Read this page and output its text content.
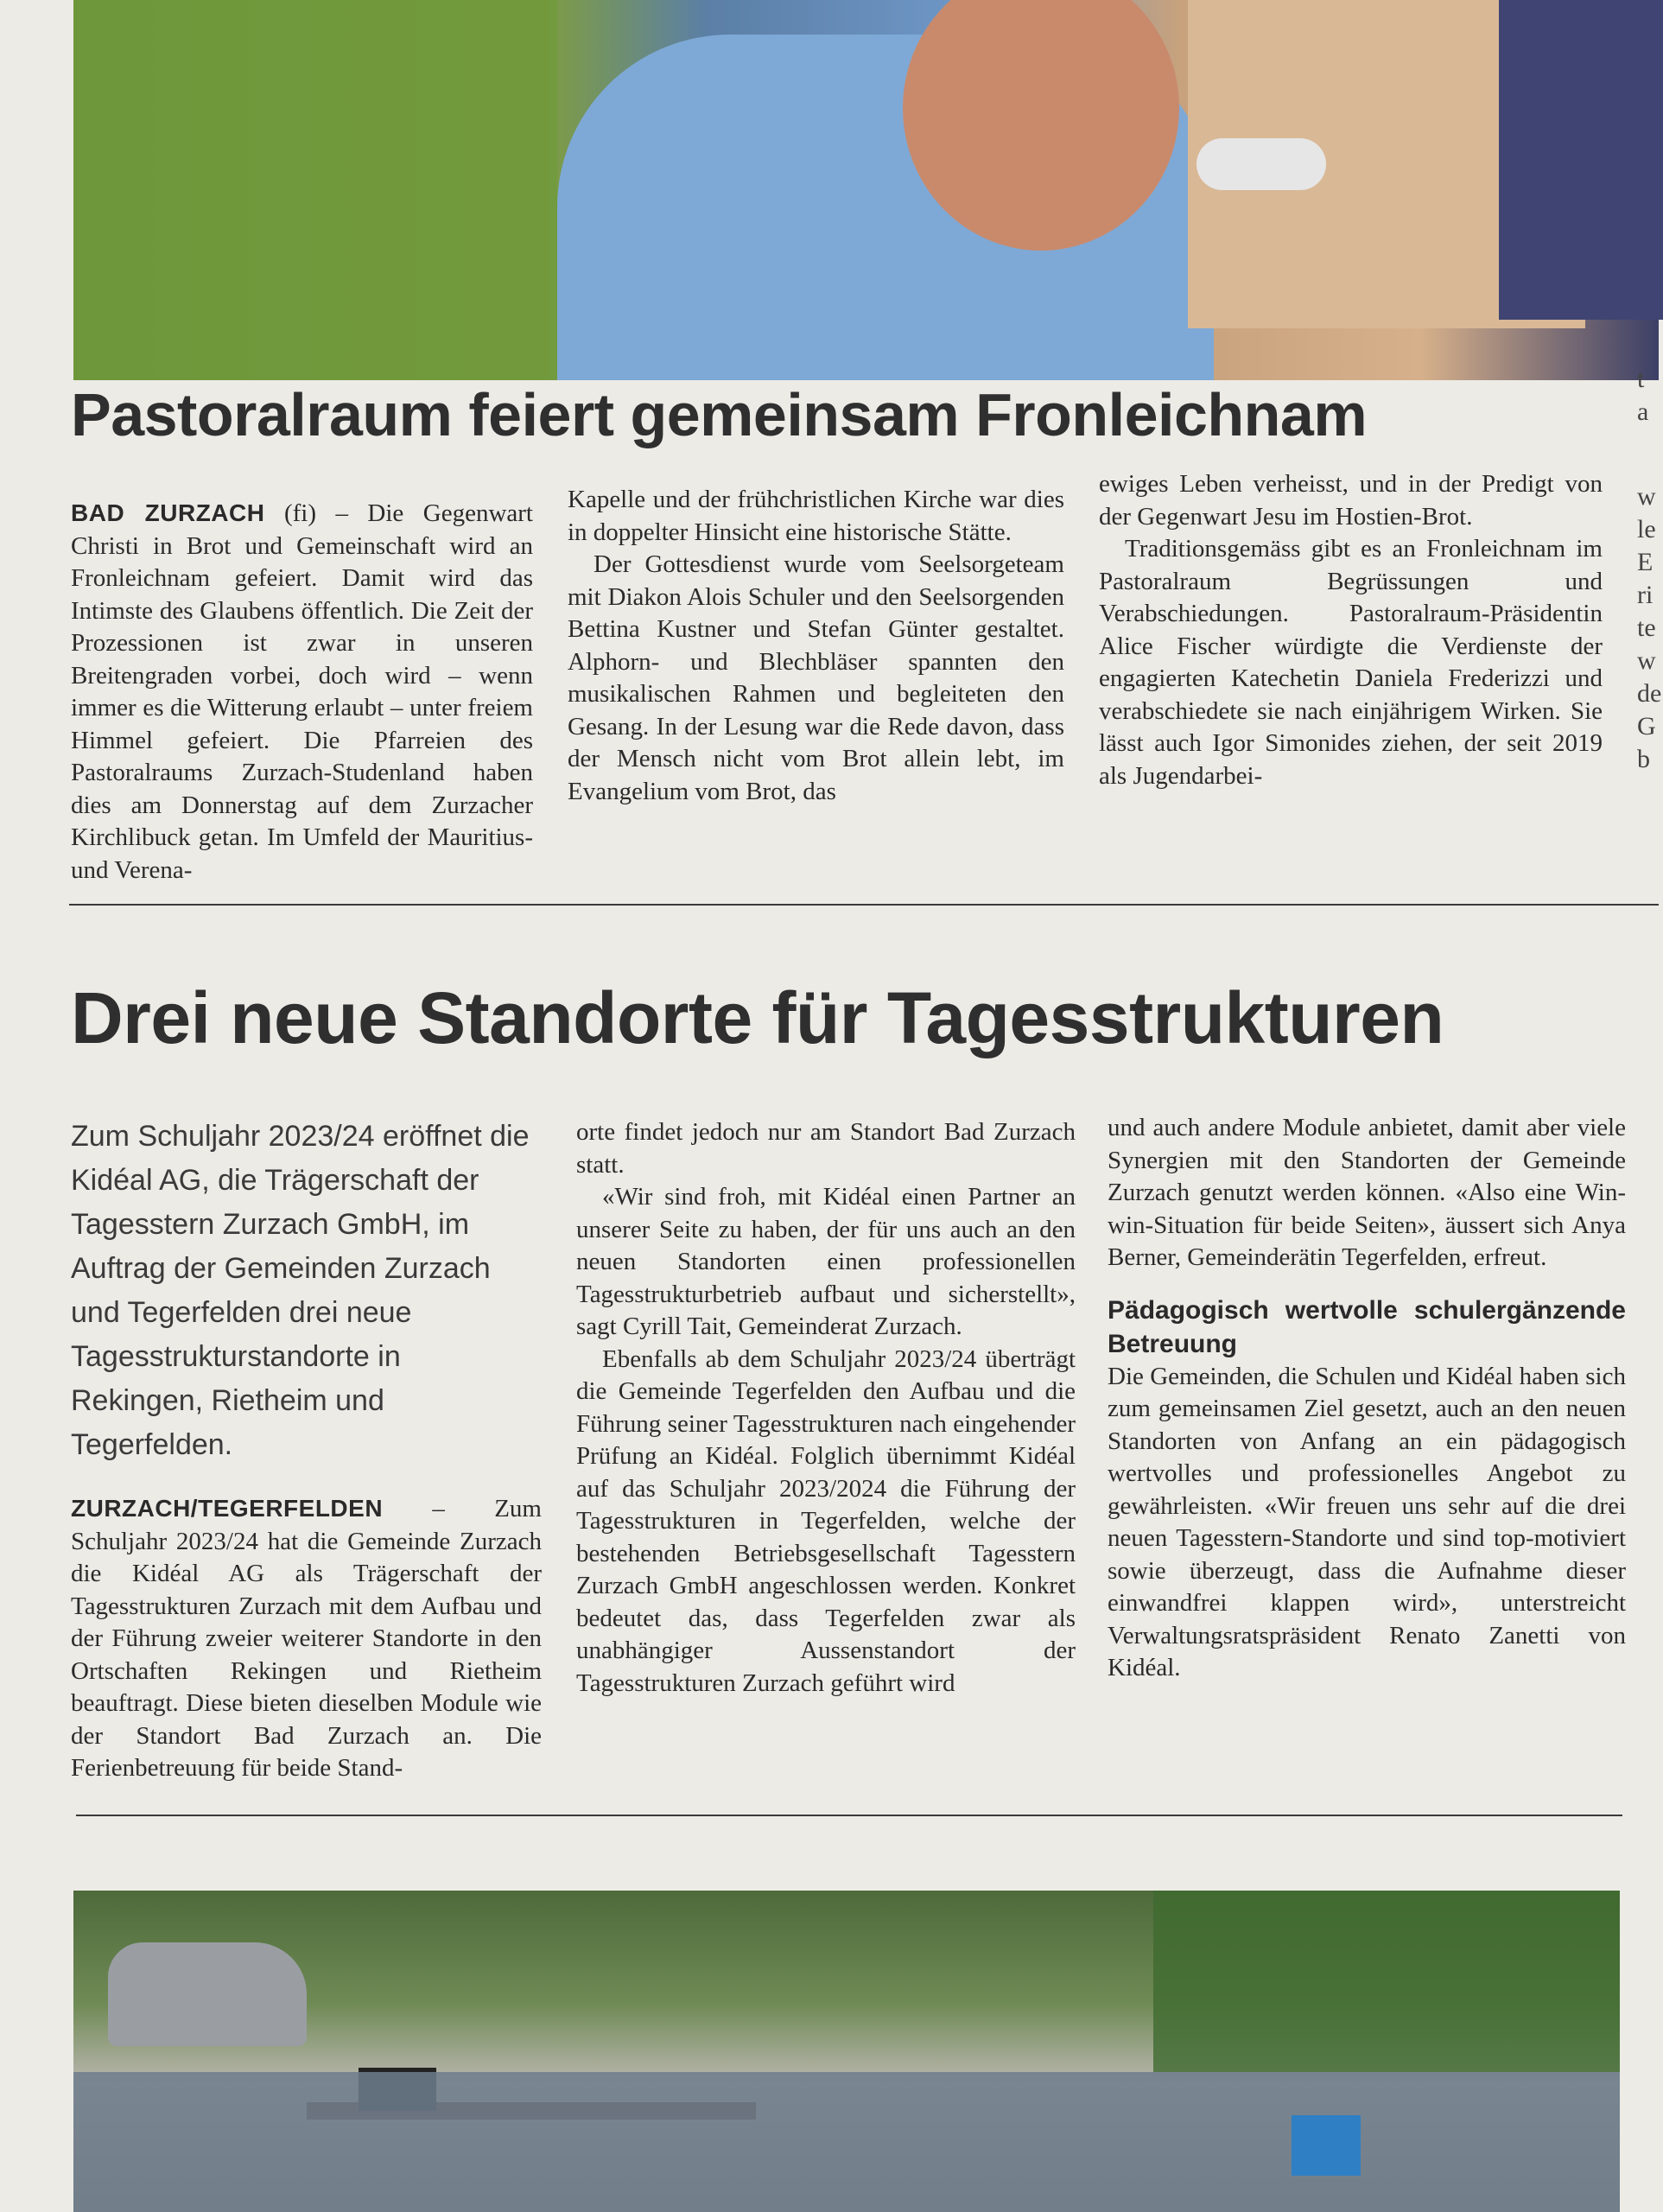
Pastoralraum feiert gemeinsam Fronleichnam

BAD ZURZACH (fi) – Die Gegenwart Christi in Brot und Gemeinschaft wird an Fronleichnam gefeiert. Damit wird das Intimste des Glaubens öffentlich. Die Zeit der Prozessionen ist zwar in unseren Breitengraden vorbei, doch wird – wenn immer es die Witterung erlaubt – unter freiem Himmel gefeiert. Die Pfarreien des Pastoralraums Zurzach-Studenland haben dies am Donnerstag auf dem Zurzacher Kirchlibuck getan. Im Umfeld der Mauritius- und Verena-

Kapelle und der frühchristlichen Kirche war dies in doppelter Hinsicht eine historische Stätte.

Der Gottesdienst wurde vom Seelsorgeteam mit Diakon Alois Schuler und den Seelsorgenden Bettina Kustner und Stefan Günter gestaltet. Alphorn- und Blechbläser spannten den musikalischen Rahmen und begleiteten den Gesang. In der Lesung war die Rede davon, dass der Mensch nicht vom Brot allein lebt, im Evangelium vom Brot, das

ewiges Leben verheisst, und in der Predigt von der Gegenwart Jesu im Hostien-Brot.

Traditionsgemäss gibt es an Fronleichnam im Pastoralraum Begrüssungen und Verabschiedungen. Pastoralraum-Präsidentin Alice Fischer würdigte die Verdienste der engagierten Katechetin Daniela Frederizzi und verabschiedete sie nach einjährigem Wirken. Sie lässt auch Igor Simonides ziehen, der seit 2019 als Jugendarbei-

t
a
w
le
E
ri
te
w
de
G
b
Drei neue Standorte für Tagesstrukturen

Zum Schuljahr 2023/24 eröffnet die Kidéal AG, die Trägerschaft der Tagesstern Zurzach GmbH, im Auftrag der Gemeinden Zurzach und Tegerfelden drei neue Tagesstrukturstandorte in Rekingen, Rietheim und Tegerfelden.

ZURZACH/TEGERFELDEN – Zum Schuljahr 2023/24 hat die Gemeinde Zurzach die Kidéal AG als Trägerschaft der Tagesstrukturen Zurzach mit dem Aufbau und der Führung zweier weiterer Standorte in den Ortschaften Rekingen und Rietheim beauftragt. Diese bieten dieselben Module wie der Standort Bad Zurzach an. Die Ferienbetreuung für beide Stand-

orte findet jedoch nur am Standort Bad Zurzach statt.

«Wir sind froh, mit Kidéal einen Partner an unserer Seite zu haben, der für uns auch an den neuen Standorten einen professionellen Tagesstrukturbetrieb aufbaut und sicherstellt», sagt Cyrill Tait, Gemeinderat Zurzach.

Ebenfalls ab dem Schuljahr 2023/24 überträgt die Gemeinde Tegerfelden den Aufbau und die Führung seiner Tagesstrukturen nach eingehender Prüfung an Kidéal. Folglich übernimmt Kidéal auf das Schuljahr 2023/2024 die Führung der Tagesstrukturen in Tegerfelden, welche der bestehenden Betriebsgesellschaft Tagesstern Zurzach GmbH angeschlossen werden. Konkret bedeutet das, dass Tegerfelden zwar als unabhängiger Aussenstandort der Tagesstrukturen Zurzach geführt wird

und auch andere Module anbietet, damit aber viele Synergien mit den Standorten der Gemeinde Zurzach genutzt werden können. «Also eine Win-win-Situation für beide Seiten», äussert sich Anya Berner, Gemeinderätin Tegerfelden, erfreut.

Pädagogisch wertvolle schulergänzende Betreuung

Die Gemeinden, die Schulen und Kidéal haben sich zum gemeinsamen Ziel gesetzt, auch an den neuen Standorten von Anfang an ein pädagogisch wertvolles und professionelles Angebot zu gewährleisten. «Wir freuen uns sehr auf die drei neuen Tagesstern-Standorte und sind top-motiviert sowie überzeugt, dass die Aufnahme dieser einwandfrei klappen wird», unterstreicht Verwaltungsratspräsident Renato Zanetti von Kidéal.
